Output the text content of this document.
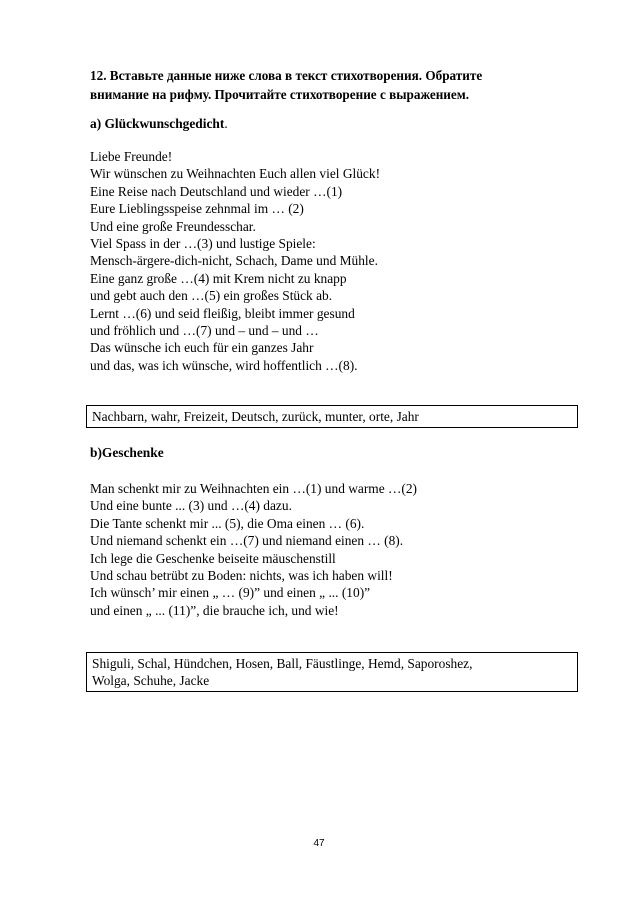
12. Вставьте данные ниже слова в текст стихотворения. Обратите
внимание на рифму. Прочитайте стихотворение с выражением.
a) Glückwunschgedicht.
Liebe Freunde!
Wir wünschen zu Weihnachten Euch allen viel Glück!
Eine Reise nach Deutschland und wieder …(1)
Eure Lieblingsspeise zehnmal im … (2)
Und eine große Freundesschar.
Viel Spass in der …(3) und lustige Spiele:
Mensch-ärgere-dich-nicht, Schach, Dame und Mühle.
Eine ganz große …(4) mit Krem nicht zu knapp
und gebt auch den …(5) ein großes Stück ab.
Lernt …(6) und seid fleißig, bleibt immer gesund
und fröhlich und …(7) und – und – und …
Das wünsche ich euch für ein ganzes Jahr
und das, was ich wünsche, wird hoffentlich …(8).
Nachbarn, wahr, Freizeit, Deutsch, zurück, munter, orte, Jahr
b)Geschenke
Man schenkt mir zu Weihnachten ein …(1) und warme …(2)
Und eine bunte ... (3) und …(4) dazu.
Die Tante schenkt mir ... (5), die Oma einen … (6).
Und niemand schenkt ein …(7) und niemand einen … (8).
Ich lege die Geschenke beiseite mäuschenstill
Und schau betrübt zu Boden: nichts, was ich haben will!
Ich wünsch’ mir einen „ … (9)” und einen „ ... (10)”
und einen „ ... (11)”, die brauche ich, und wie!
Shiguli, Schal, Hündchen, Hosen, Ball, Fäustlinge, Hemd, Saporoshez,
Wolga, Schuhe, Jacke
47
